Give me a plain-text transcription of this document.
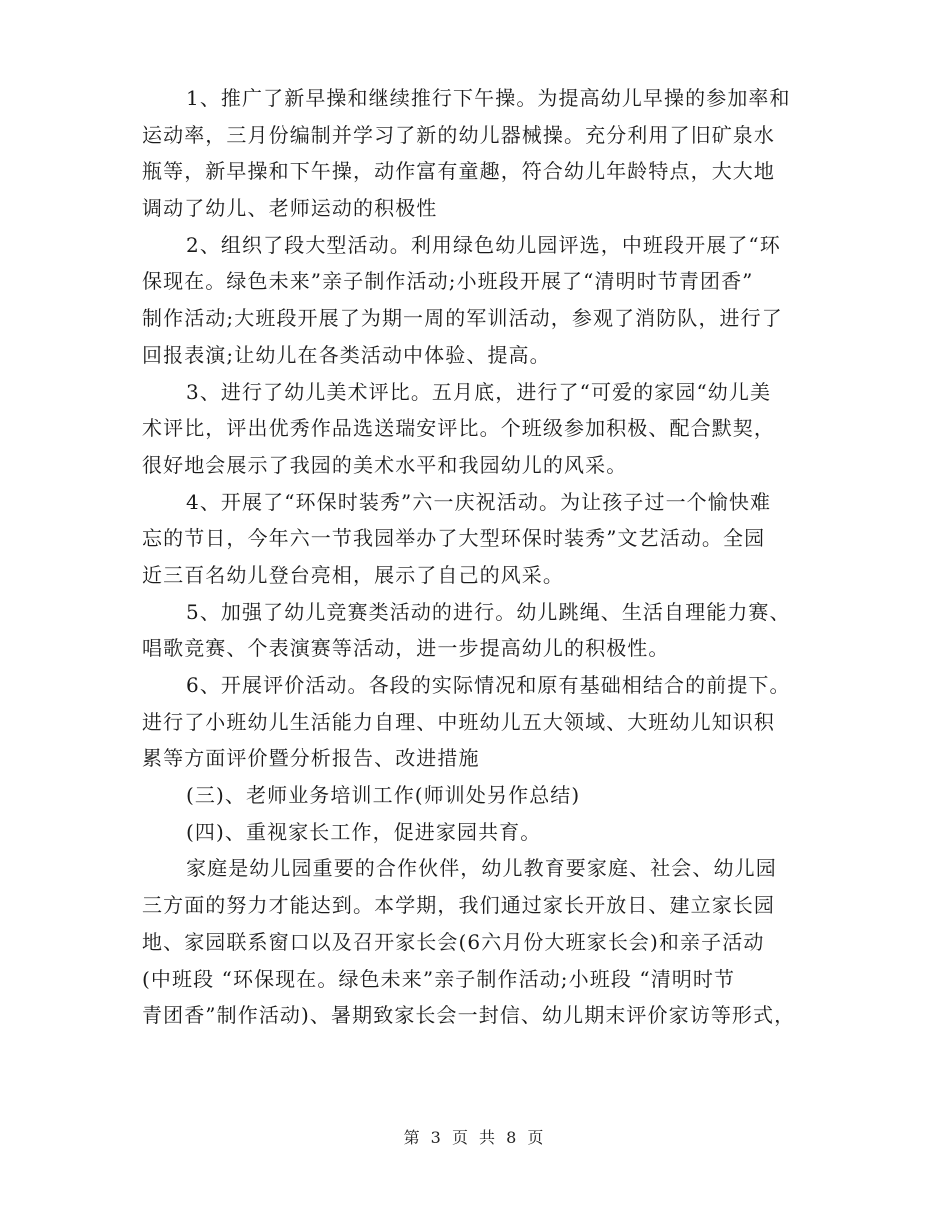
1、推广了新早操和继续推行下午操。为提高幼儿早操的参加率和
运动率，三月份编制并学习了新的幼儿器械操。充分利用了旧矿泉水
瓶等，新早操和下午操，动作富有童趣，符合幼儿年龄特点，大大地
调动了幼儿、老师运动的积极性
2、组织了段大型活动。利用绿色幼儿园评选，中班段开展了“环
保现在。绿色未来”亲子制作活动;小班段开展了“清明时节青团香”
制作活动;大班段开展了为期一周的军训活动，参观了消防队，进行了
回报表演;让幼儿在各类活动中体验、提高。
3、进行了幼儿美术评比。五月底，进行了“可爱的家园“幼儿美
术评比，评出优秀作品选送瑞安评比。个班级参加积极、配合默契，
很好地会展示了我园的美术水平和我园幼儿的风采。
4、开展了“环保时装秀”六一庆祝活动。为让孩子过一个愉快难
忘的节日，今年六一节我园举办了大型环保时装秀”文艺活动。全园
近三百名幼儿登台亮相，展示了自己的风采。
5、加强了幼儿竞赛类活动的进行。幼儿跳绳、生活自理能力赛、
唱歌竞赛、个表演赛等活动，进一步提高幼儿的积极性。
6、开展评价活动。各段的实际情况和原有基础相结合的前提下。
进行了小班幼儿生活能力自理、中班幼儿五大领域、大班幼儿知识积
累等方面评价暨分析报告、改进措施
(三)、老师业务培训工作(师训处另作总结)
(四)、重视家长工作，促进家园共育。
家庭是幼儿园重要的合作伙伴，幼儿教育要家庭、社会、幼儿园
三方面的努力才能达到。本学期，我们通过家长开放日、建立家长园
地、家园联系窗口以及召开家长会(6六月份大班家长会)和亲子活动
(中班段 “环保现在。绿色未来”亲子制作活动;小班段 “清明时节
青团香”制作活动)、暑期致家长会一封信、幼儿期末评价家访等形式，
第 3 页 共 8 页
